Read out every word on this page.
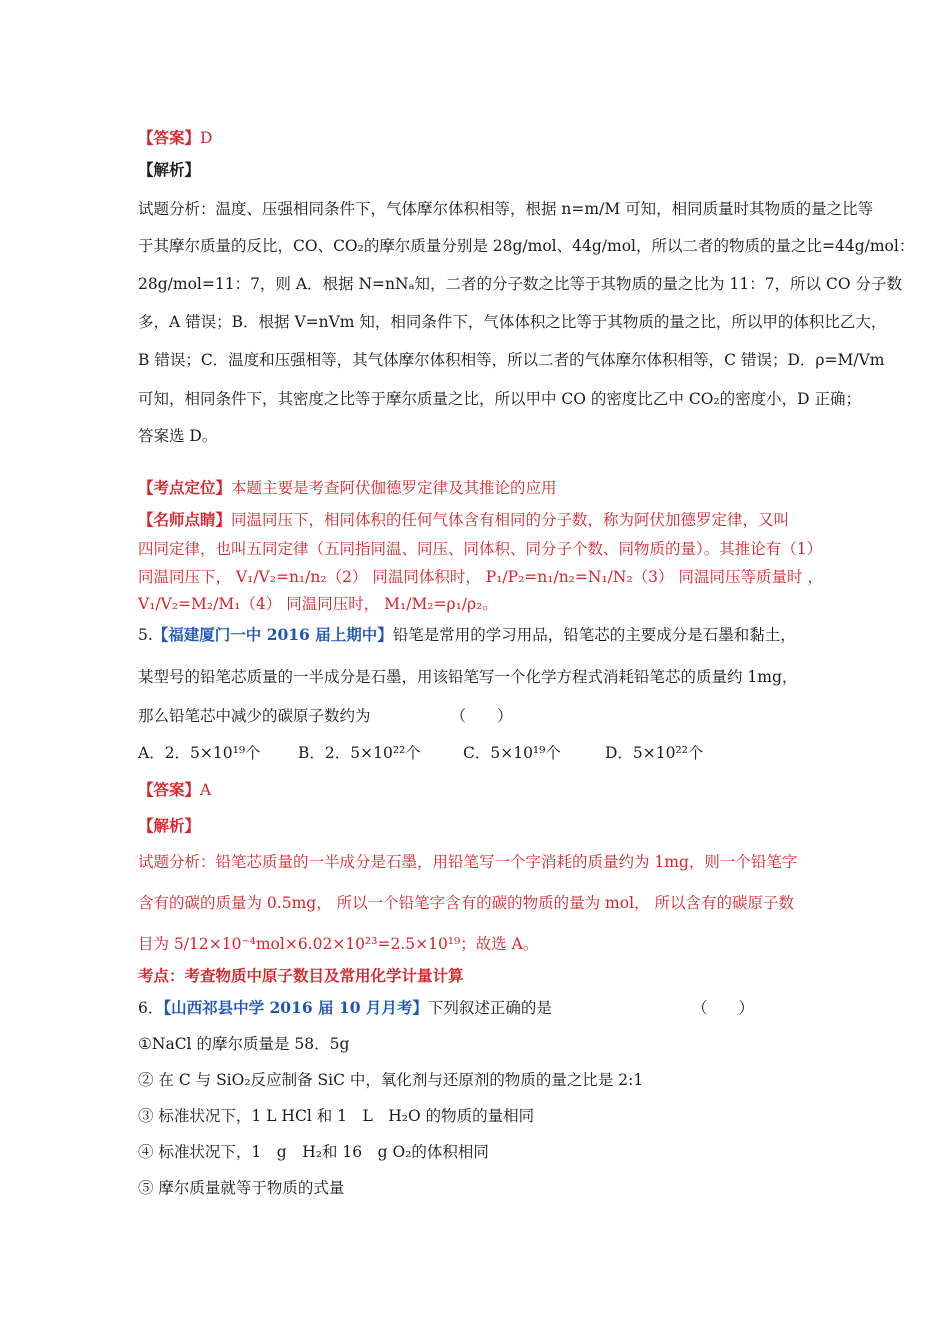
【答案】D
【解析】
试题分析：温度、压强相同条件下，气体摩尔体积相等，根据 n=m/M 可知，相同质量时其物质的量之比等
于其摩尔质量的反比，CO、CO₂的摩尔质量分别是 28g/mol、44g/mol，所以二者的物质的量之比=44g/mol：
28g/mol=11：7，则 A．根据 N=nNₐ知，二者的分子数之比等于其物质的量之比为 11：7，所以 CO 分子数
多，A 错误；B．根据 V=nVm 知，相同条件下，气体体积之比等于其物质的量之比，所以甲的体积比乙大，
B 错误；C．温度和压强相等，其气体摩尔体积相等，所以二者的气体摩尔体积相等，C 错误；D．ρ=M/Vm
可知，相同条件下，其密度之比等于摩尔质量之比，所以甲中 CO 的密度比乙中 CO₂的密度小，D 正确；
答案选 D。
【考点定位】本题主要是考查阿伏伽德罗定律及其推论的应用
【名师点睛】同温同压下，相同体积的任何气体含有相同的分子数，称为阿伏加德罗定律，又叫
四同定律，也叫五同定律（五同指同温、同压、同体积、同分子个数、同物质的量）。其推论有（1）
同温同压下， V₁/V₂=n₁/n₂（2） 同温同体积时， P₁/P₂=n₁/n₂=N₁/N₂（3） 同温同压等质量时 ，
V₁/V₂=M₂/M₁（4） 同温同压时， M₁/M₂=ρ₁/ρ₂。
5.【福建厦门一中 2016 届上期中】铅笔是常用的学习用品，铅笔芯的主要成分是石墨和黏土，
某型号的铅笔芯质量的一半成分是石墨，用该铅笔写一个化学方程式消耗铅笔芯的质量约 1mg，
那么铅笔芯中减少的碳原子数约为	（　　）
A．2．5×10¹⁹个 B．2．5×10²²个	C．5×10¹⁹个	D．5×10²²个
【答案】A
【解析】
试题分析：铅笔芯质量的一半成分是石墨，用铅笔写一个字消耗的质量约为 1mg，则一个铅笔字
含有的碳的质量为 0.5mg， 所以一个铅笔字含有的碳的物质的量为 mol， 所以含有的碳原子数
目为 5/12×10⁻⁴mol×6.02×10²³=2.5×10¹⁹；故选 A。
考点：考查物质中原子数目及常用化学计量计算
6．【山西祁县中学 2016 届 10 月月考】下列叙述正确的是	（　　）
①NaCl 的摩尔质量是 58．5g
② 在 C 与 SiO₂反应制备 SiC 中，氧化剂与还原剂的物质的量之比是 2:1
③ 标准状况下，1 L HCl 和 1　L　H₂O 的物质的量相同
④ 标准状况下，1　g　H₂和 16　g O₂的体积相同
⑤ 摩尔质量就等于物质的式量
